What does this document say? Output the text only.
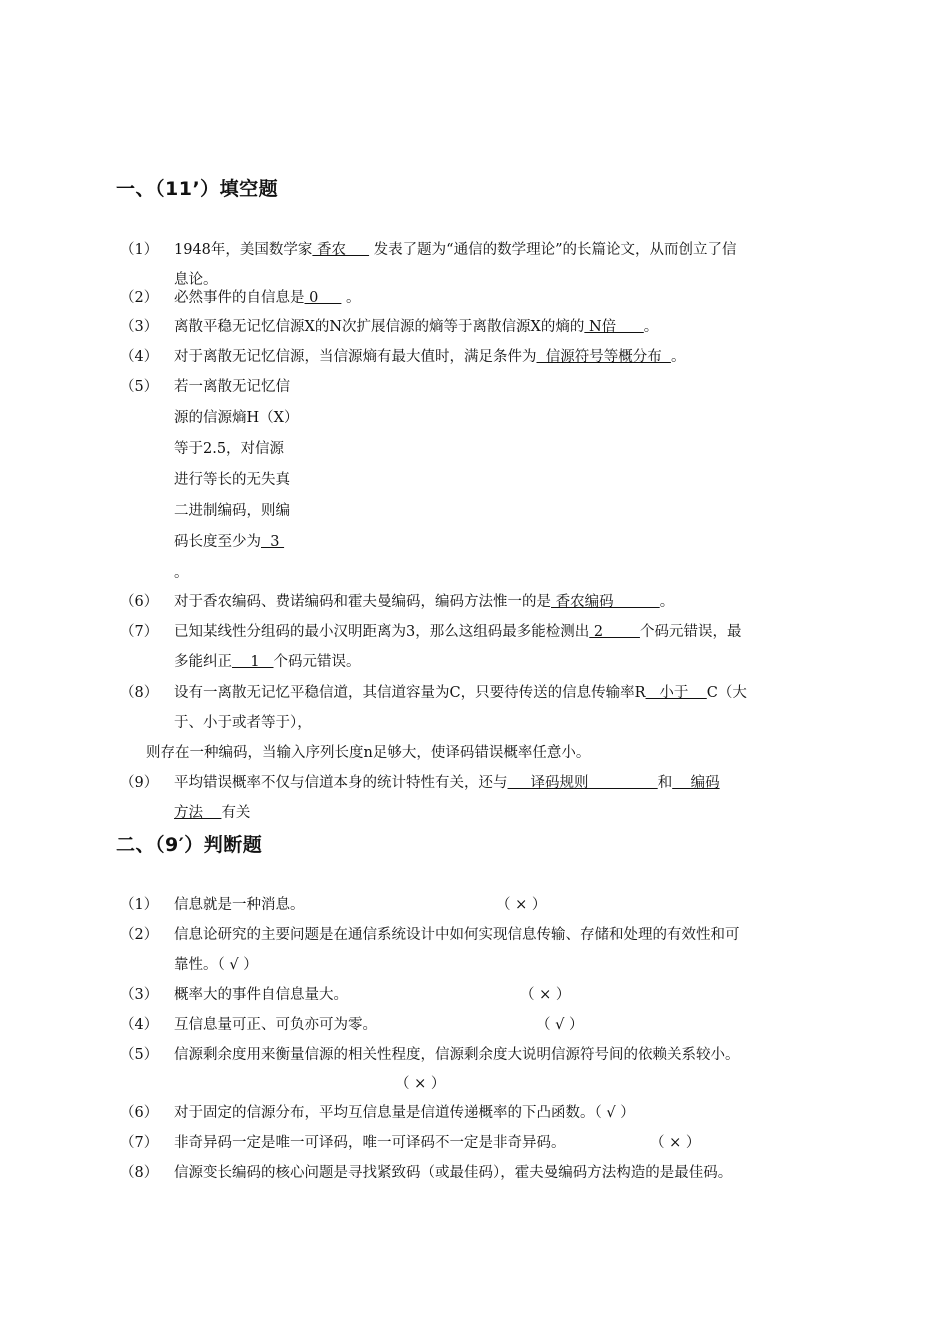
一、（11’）填空题
（1）	1948年，美国数学家 香农      发表了题为“通信的数学理论”的长篇论文，从而创立了信
息论。
（2）	必然事件的自信息是 0      。
（3）	离散平稳无记忆信源X的N次扩展信源的熵等于离散信源X的熵的 N倍      。
（4）	对于离散无记忆信源，当信源熵有最大值时，满足条件为  信源符号等概分布  。
（5）	若一离散无记忆信
源的信源熵H（X）
等于2.5，对信源
进行等长的无失真
二进制编码，则编
码长度至少为  3
。
（6）	对于香农编码、费诺编码和霍夫曼编码，编码方法惟一的是 香农编码          。
（7）	已知某线性分组码的最小汉明距离为3，那么这组码最多能检测出 2        个码元错误，最
多能纠正    1   个码元错误。
（8）	设有一离散无记忆平稳信道，其信道容量为C，只要待传送的信息传输率R   小于    C（大
于、小于或者等于），
则存在一种编码，当输入序列长度n足够大，使译码错误概率任意小。
（9）	平均错误概率不仅与信道本身的统计特性有关，还与     译码规则               和    编码
方法    有关
二、（9′）判断题
（1）	信息就是一种消息。	（ × ）
（2）	信息论研究的主要问题是在通信系统设计中如何实现信息传输、存储和处理的有效性和可
靠性。（ √ ）
（3）	概率大的事件自信息量大。	（ × ）
（4）	互信息量可正、可负亦可为零。	（ √ ）
（5）	信源剩余度用来衡量信源的相关性程度，信源剩余度大说明信源符号间的依赖关系较小。
（ × ）
（6）	对于固定的信源分布，平均互信息量是信道传递概率的下凸函数。（ √ ）
（7）	非奇异码一定是唯一可译码，唯一可译码不一定是非奇异码。	（ × ）
（8）	信源变长编码的核心问题是寻找紧致码（或最佳码），霍夫曼编码方法构造的是最佳码。
